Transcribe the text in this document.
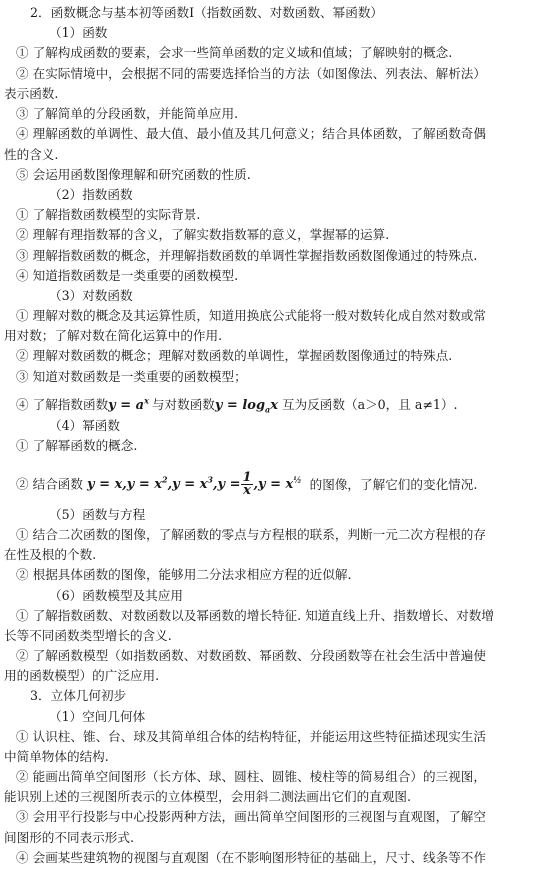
2．函数概念与基本初等函数Ⅰ（指数函数、对数函数、幂函数）
（1）函数
① 了解构成函数的要素，会求一些简单函数的定义域和值域；了解映射的概念.
② 在实际情境中，会根据不同的需要选择恰当的方法（如图像法、列表法、解析法）
表示函数.
③ 了解简单的分段函数，并能简单应用.
④ 理解函数的单调性、最大值、最小值及其几何意义；结合具体函数，了解函数奇偶
性的含义.
⑤ 会运用函数图像理解和研究函数的性质.
（2）指数函数
① 了解指数函数模型的实际背景.
② 理解有理指数幂的含义，了解实数指数幂的意义，掌握幂的运算.
③ 理解指数函数的概念，并理解指数函数的单调性掌握指数函数图像通过的特殊点.
④ 知道指数函数是一类重要的函数模型.
（3）对数函数
① 理解对数的概念及其运算性质，知道用换底公式能将一般对数转化成自然对数或常
用对数；了解对数在简化运算中的作用.
② 理解对数函数的概念；理解对数函数的单调性，掌握函数图像通过的特殊点.
③ 知道对数函数是一类重要的函数模型；
④ 了解指数函数$y = a^x$ 与对数函数$y = \log_ax$ 互为反函数（a＞0，且 a≠1）.
（4）幂函数
① 了解幂函数的概念.
② 结合函数 $y = x,y = x^2,y = x^3,y = \frac{1}{x} ,y = x^{\frac{1}{2}}$ 的图像，了解它们的变化情况.
（5）函数与方程
① 结合二次函数的图像，了解函数的零点与方程根的联系，判断一元二次方程根的存
在性及根的个数.
② 根据具体函数的图像，能够用二分法求相应方程的近似解.
（6）函数模型及其应用
① 了解指数函数、对数函数以及幂函数的增长特征. 知道直线上升、指数增长、对数增
长等不同函数类型增长的含义.
② 了解函数模型（如指数函数、对数函数、幂函数、分段函数等在社会生活中普遍使
用的函数模型）的广泛应用.
3．立体几何初步
（1）空间几何体
① 认识柱、锥、台、球及其简单组合体的结构特征，并能运用这些特征描述现实生活
中简单物体的结构.
② 能画出简单空间图形（长方体、球、圆柱、圆锥、棱柱等的简易组合）的三视图，
能识别上述的三视图所表示的立体模型，会用斜二测法画出它们的直观图.
③ 会用平行投影与中心投影两种方法，画出简单空间图形的三视图与直观图，了解空
间图形的不同表示形式.
④ 会画某些建筑物的视图与直观图（在不影响图形特征的基础上，尺寸、线条等不作
